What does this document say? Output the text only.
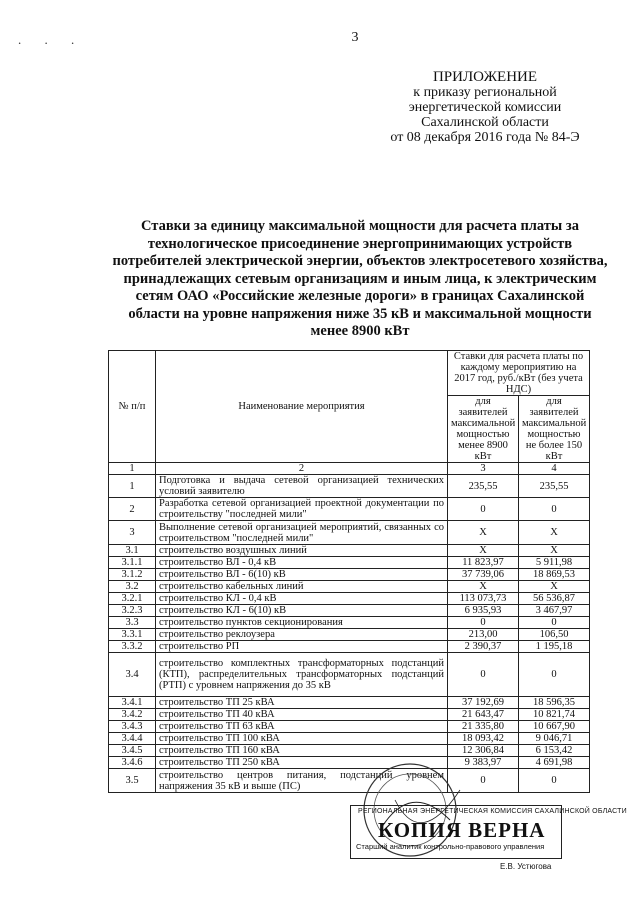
. . .	3
ПРИЛОЖЕНИЕ
к приказу региональной
энергетической комиссии
Сахалинской области
от 08 декабря 2016 года № 84-Э
Ставки за единицу максимальной мощности для расчета платы за технологическое присоединение энергопринимающих устройств потребителей электрической энергии, объектов электросетевого хозяйства, принадлежащих сетевым организациям и иным лица, к электрическим сетям ОАО «Российские железные дороги» в границах Сахалинской области на уровне напряжения ниже 35 кВ и максимальной мощности менее 8900 кВт
№ п/п	Наименование мероприятия	Ставки для расчета платы по каждому мероприятию на 2017 год, руб./кВт (без учета НДС)	
		для заявителей максимальной мощностью менее 8900 кВт	для заявителей максимальной мощностью не более 150 кВт
1	2	3	4
1	Подготовка и выдача сетевой организацией технических условий заявителю	235,55	235,55
2	Разработка сетевой организацией проектной документации по строительству "последней мили"	0	0
3	Выполнение сетевой организацией мероприятий, связанных со строительством "последней мили"	X	X
3.1	строительство воздушных линий	X	X
3.1.1	строительство ВЛ - 0,4 кВ	11 823,97	5 911,98
3.1.2	строительство ВЛ - 6(10) кВ	37 739,06	18 869,53
3.2	строительство кабельных линий	X	X
3.2.1	строительство КЛ - 0,4 кВ	113 073,73	56 536,87
3.2.3	строительство КЛ - 6(10) кВ	6 935,93	3 467,97
3.3	строительство пунктов секционирования	0	0
3.3.1	строительство реклоузера	213,00	106,50
3.3.2	строительство РП	2 390,37	1 195,18
3.4	строительство комплектных трансформаторных подстанций (КТП), распределительных трансформаторных подстанций (РТП) с уровнем напряжения до 35 кВ	0	0
3.4.1	строительство ТП 25 кВА	37 192,69	18 596,35
3.4.2	строительство ТП 40 кВА	21 643,47	10 821,74
3.4.3	строительство ТП 63 кВА	21 335,80	10 667,90
3.4.4	строительство ТП 100 кВА	18 093,42	9 046,71
3.4.5	строительство ТП 160 кВА	12 306,84	6 153,42
3.4.6	строительство ТП 250 кВА	9 383,97	4 691,98
3.5	строительство центров питания, подстанций уровнем напряжения 35 кВ и выше (ПС)	0	0
РЕГИОНАЛЬНАЯ ЭНЕРГЕТИЧЕСКАЯ КОМИССИЯ САХАЛИНСКОЙ ОБЛАСТИ
КОПИЯ ВЕРНА
Старший аналитик контрольно-правового управления
Е.В. Устюгова
